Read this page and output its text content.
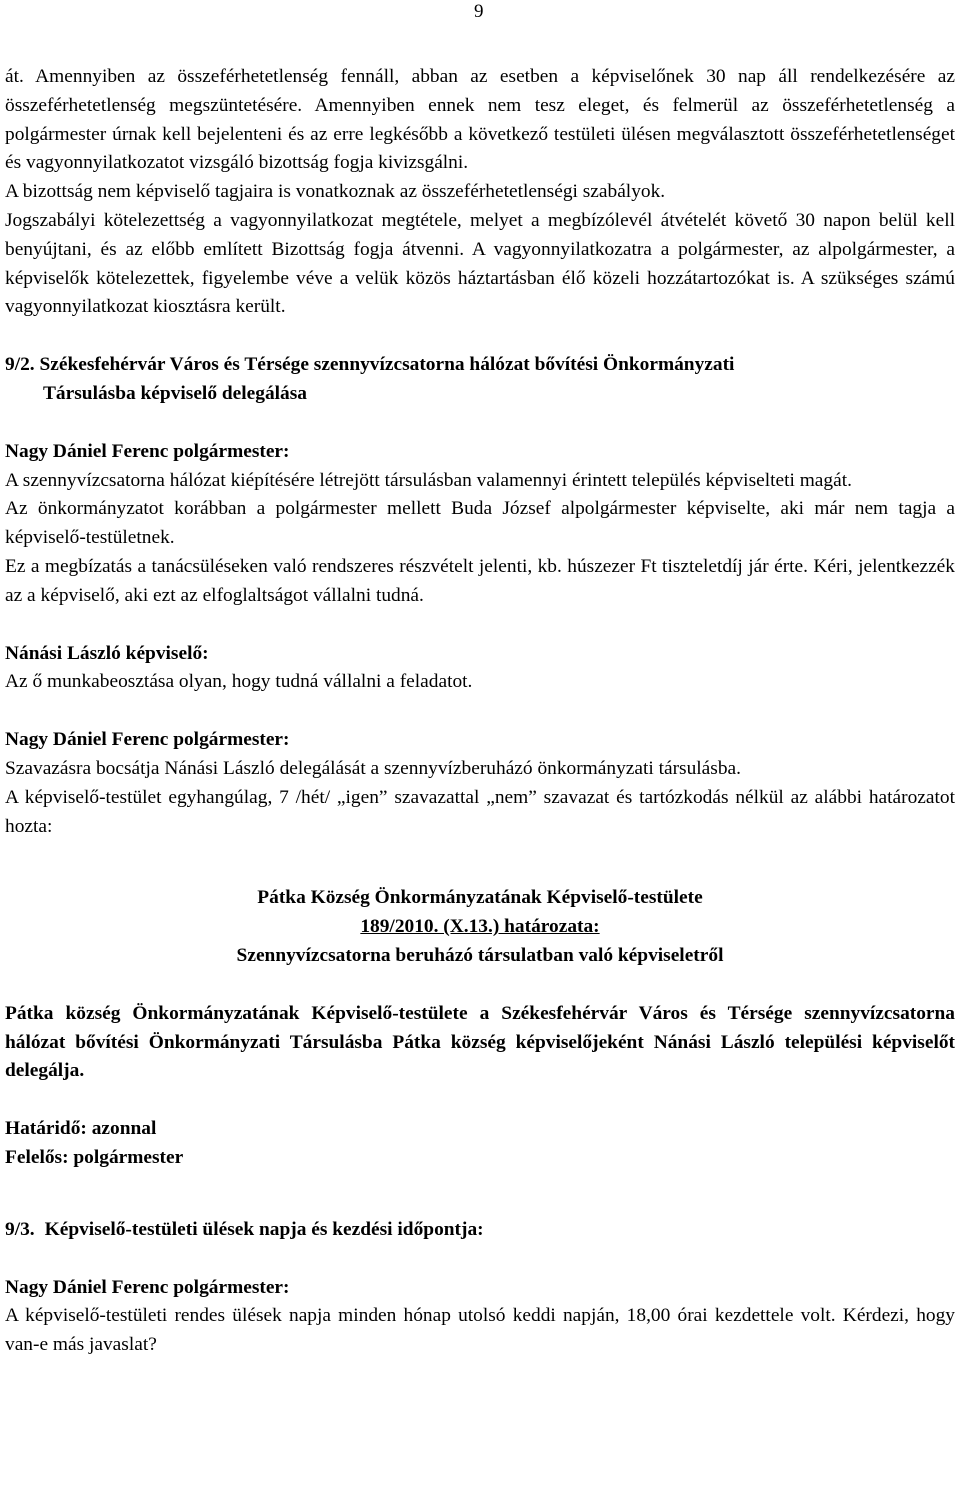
9

át. Amennyiben az összeférhetetlenség fennáll, abban az esetben a képviselőnek 30 nap áll rendelkezésére az összeférhetetlenség megszüntetésére. Amennyiben ennek nem tesz eleget, és felmerül az összeférhetetlenség a polgármester úrnak kell bejelenteni és az erre legkésőbb a következő testületi ülésen megválasztott összeférhetetlenséget és vagyonnyilatkozatot vizsgáló bizottság fogja kivizsgálni.

A bizottság nem képviselő tagjaira is vonatkoznak az összeférhetetlenségi szabályok.

Jogszabályi kötelezettség a vagyonnyilatkozat megtétele, melyet a megbízólevél átvételét követő 30 napon belül kell benyújtani, és az előbb említett Bizottság fogja átvenni. A vagyonnyilatkozatra a polgármester, az alpolgármester, a képviselők kötelezettek, figyelembe véve a velük közös háztartásban élő közeli hozzátartozókat is. A szükséges számú vagyonnyilatkozat kiosztásra került.

9/2. Székesfehérvár Város és Térsége szennyvízcsatorna hálózat bővítési Önkormányzati

Társulásba képviselő delegálása

Nagy Dániel Ferenc polgármester:

A szennyvízcsatorna hálózat kiépítésére létrejött társulásban valamennyi érintett település képviselteti magát.

Az önkormányzatot korábban a polgármester mellett Buda József alpolgármester képviselte, aki már nem tagja a képviselő-testületnek.

Ez a megbízatás a tanácsüléseken való rendszeres részvételt jelenti, kb. húszezer Ft tiszteletdíj jár érte. Kéri, jelentkezzék az a képviselő, aki ezt az elfoglaltságot vállalni tudná.

Nánási László képviselő:

Az ő munkabeosztása olyan, hogy tudná vállalni a feladatot.

Nagy Dániel Ferenc polgármester:

Szavazásra bocsátja Nánási László delegálását a szennyvízberuházó önkormányzati társulásba.

A képviselő-testület egyhangúlag, 7 /hét/ „igen” szavazattal „nem” szavazat és tartózkodás nélkül az alábbi határozatot hozta:

Pátka Község Önkormányzatának Képviselő-testülete

189/2010. (X.13.) határozata:

Szennyvízcsatorna beruházó társulatban való képviseletről

Pátka község Önkormányzatának Képviselő-testülete a Székesfehérvár Város és Térsége szennyvízcsatorna hálózat bővítési Önkormányzati Társulásba Pátka község képviselőjeként Nánási László települési képviselőt delegálja.

Határidő: azonnal

Felelős: polgármester

9/3. Képviselő-testületi ülések napja és kezdési időpontja:

Nagy Dániel Ferenc polgármester:

A képviselő-testületi rendes ülések napja minden hónap utolsó keddi napján, 18,00 órai kezdettele volt. Kérdezi, hogy van-e más javaslat?
